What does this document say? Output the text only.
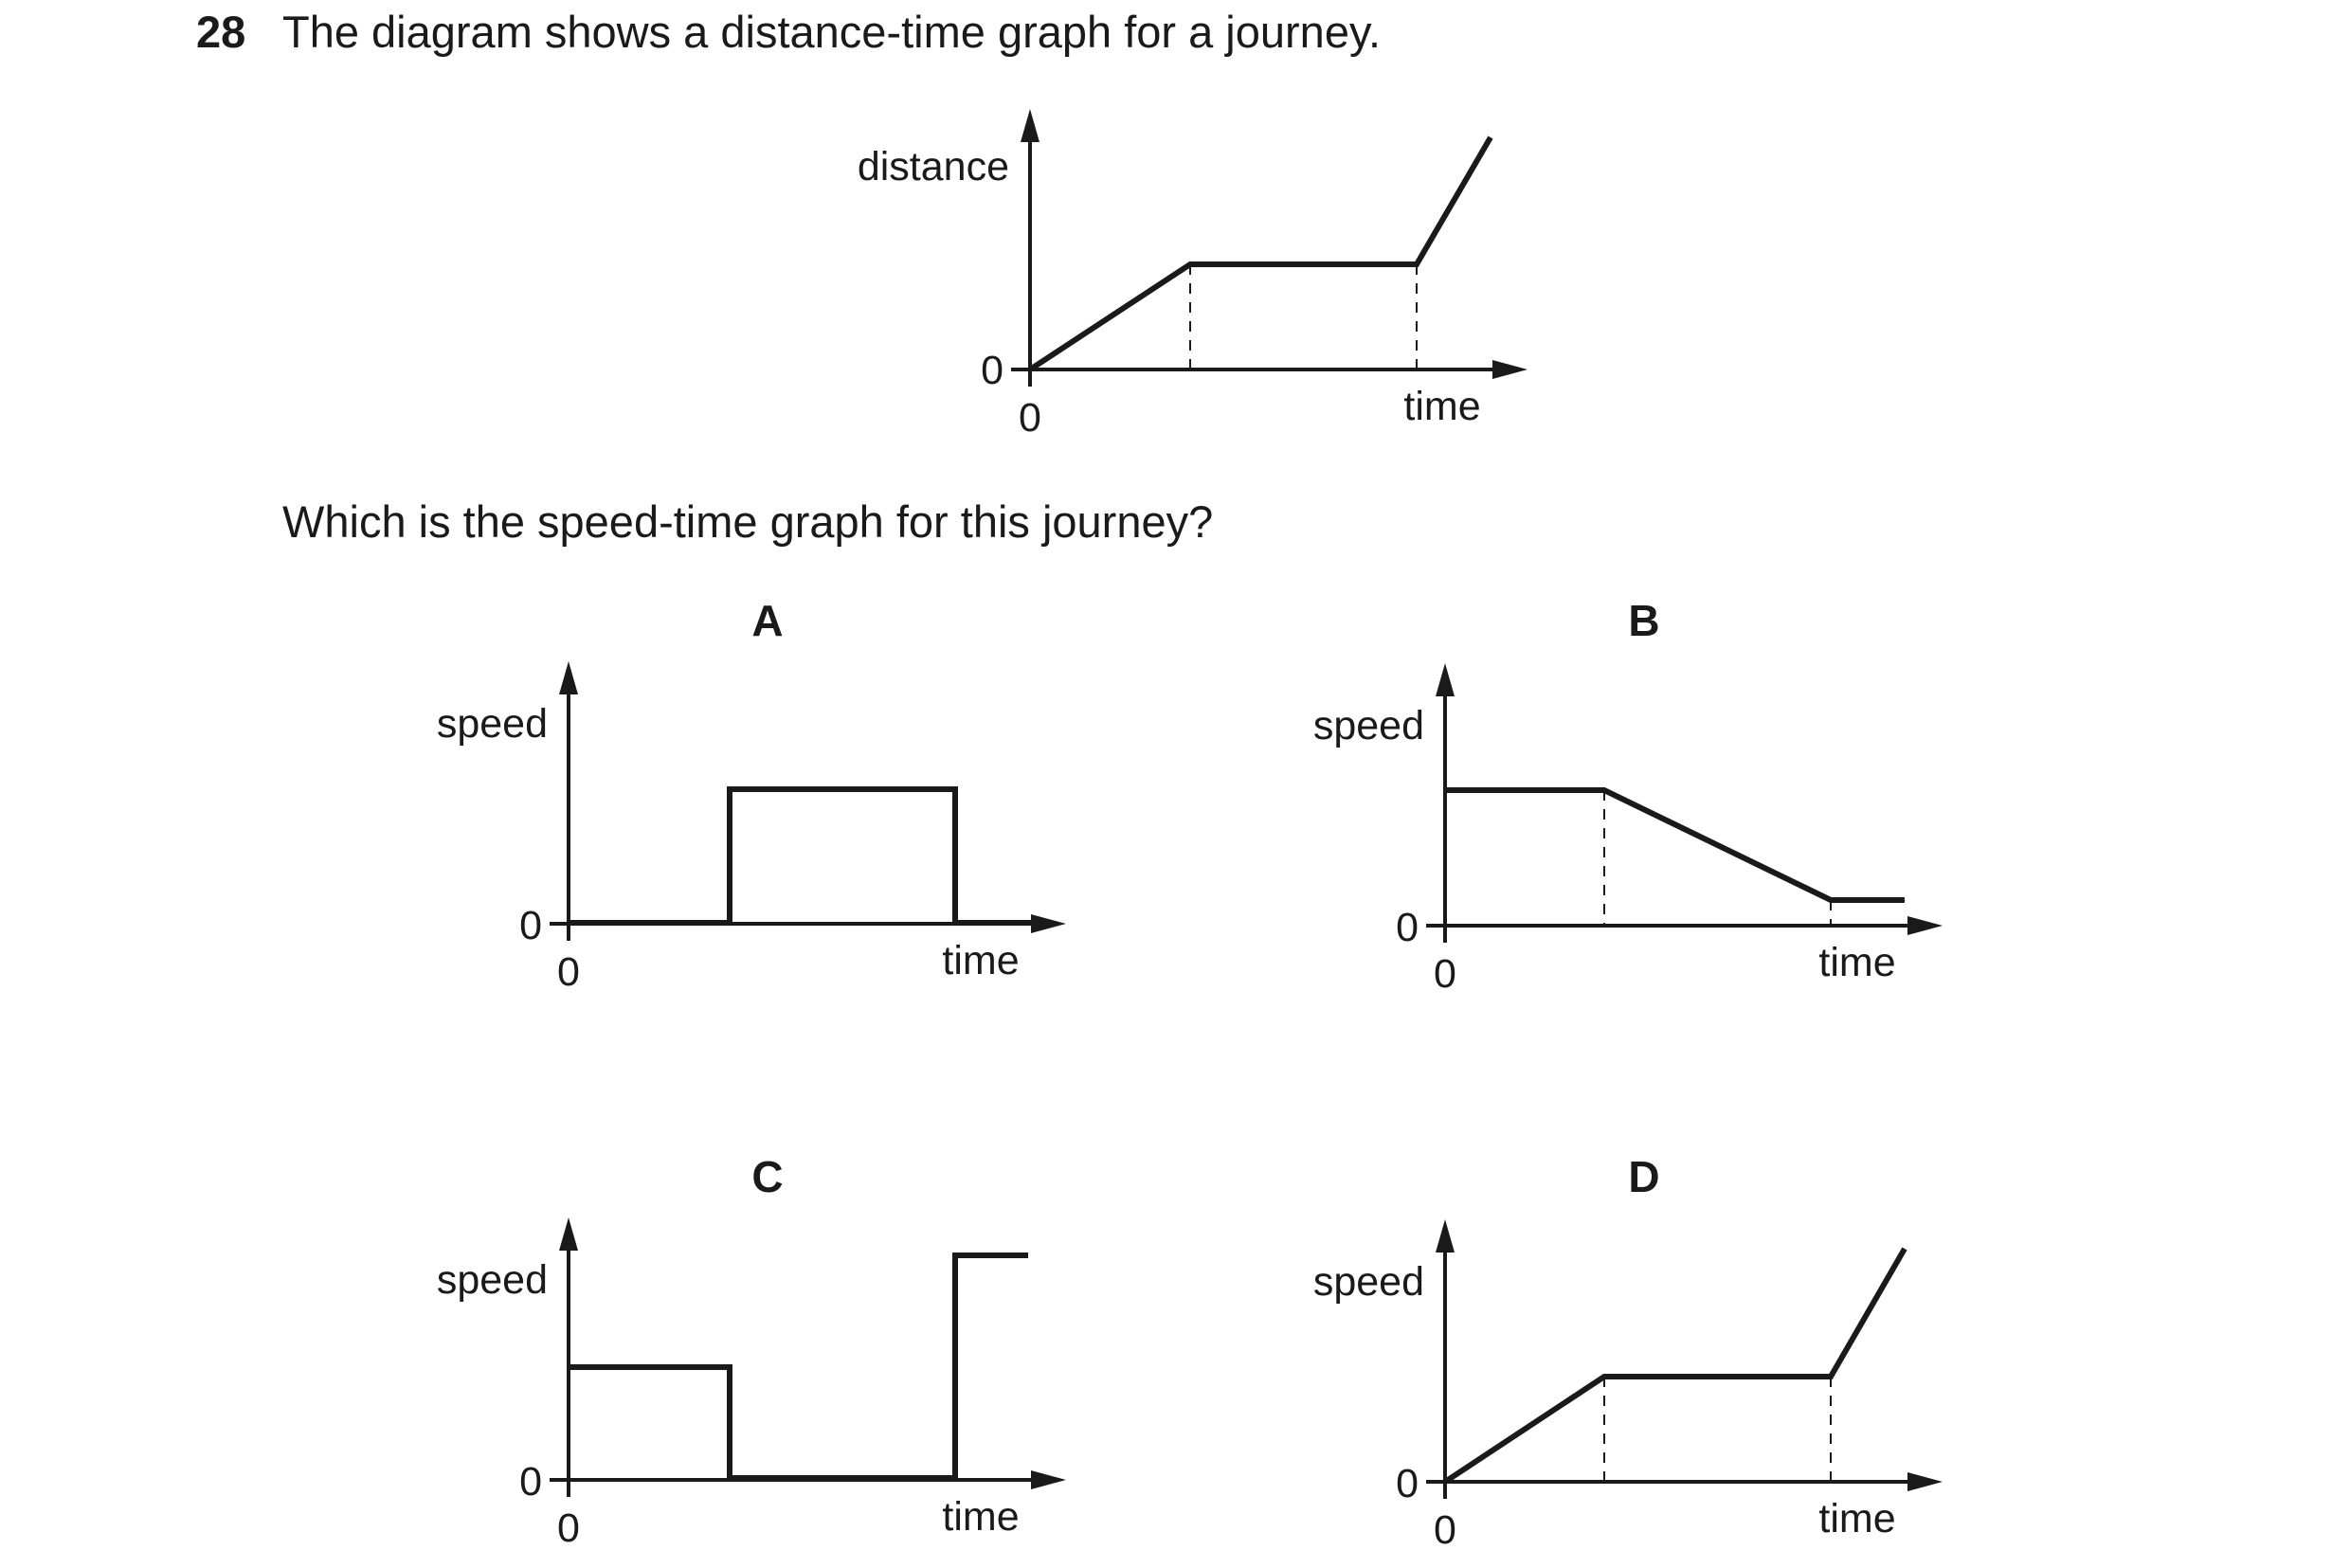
28 The diagram shows a distance-time graph for a journey.
distance
0
0	time
Which is the speed-time graph for this journey?
A	B
C	D
speed
0
0	time
speed
0
0	time
speed
0
0	time
speed
0
0	time
